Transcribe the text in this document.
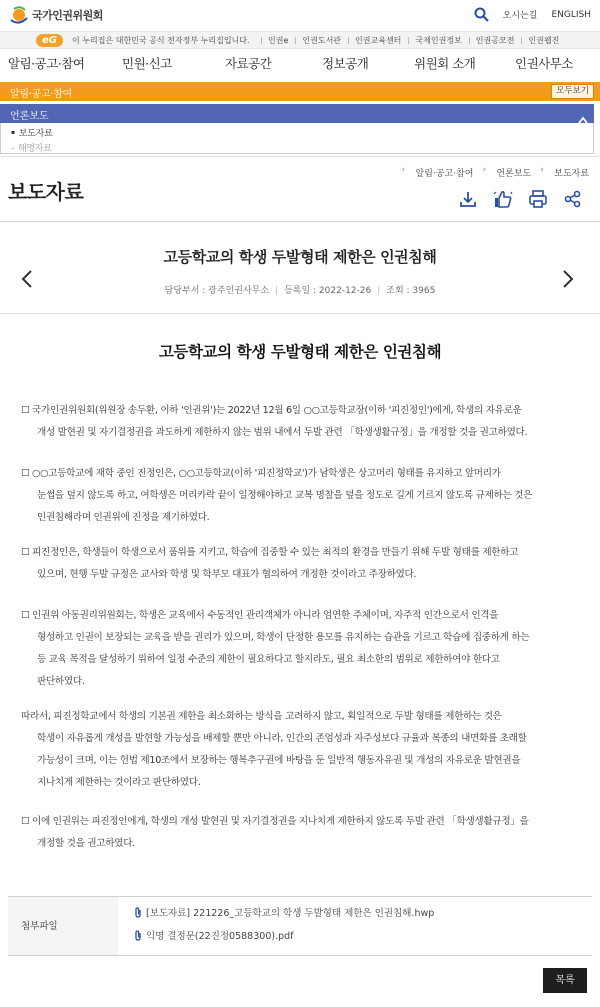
국가인권위원회	오시는길 ENGLISH
eG	이 누리집은 대한민국 공식 전자정부 누리집입니다. 인권e 인권도서관 인권교육센터 국제인권정보 인권공모전 인권웹진
알림·공고·참여	민원·신고	자료공간	정보공개	위원회 소개	인권사무소
알림·공고·참여	모두보기
언론보도
▪ 보도자료
- 해명자료
› 알림·공고·참여	› 언론보도	› 보도자료
보도자료
고등학교의 학생 두발형태 제한은 인권침해
담당부서 : 광주인권사무소 | 등록일 : 2022-12-26 | 조회 : 3965
고등학교의 학생 두발형태 제한은 인권침해
☐ 국가인권위원회(위원장 송두환, 이하 '인권위')는 2022년 12월 6일 ○○고등학교장(이하 '피진정인')에게, 학생의 자유로운
개성 발현권 및 자기결정권을 과도하게 제한하지 않는 범위 내에서 두발 관련 「학생생활규정」을 개정할 것을 권고하였다.
☐ ○○고등학교에 재학 중인 진정인은, ○○고등학교(이하 '피진정학교')가 남학생은 상고머리 형태를 유지하고 앞머리가
눈썹을 덮지 않도록 하고, 여학생은 머리카락 끝이 일정해야하고 교복 명찰을 덮을 정도로 길게 기르지 않도록 규제하는 것은
인권침해라며 인권위에 진정을 제기하였다.
☐ 피진정인은, 학생들이 학생으로서 품위를 지키고, 학습에 집중할 수 있는 최적의 환경을 만들기 위해 두발 형태를 제한하고
있으며, 현행 두발 규정은 교사와 학생 및 학부모 대표가 협의하여 개정한 것이라고 주장하였다.
☐ 인권위 아동권리위원회는, 학생은 교육에서 수동적인 관리객체가 아니라 엄연한 주체이며, 자주적 인간으로서 인격을
형성하고 인권이 보장되는 교육을 받을 권리가 있으며, 학생이 단정한 용모를 유지하는 습관을 기르고 학습에 집중하게 하는
등 교육 목적을 달성하기 위하여 일정 수준의 제한이 필요하다고 할지라도, 필요 최소한의 범위로 제한하여야 한다고
판단하였다.
따라서, 피진정학교에서 학생의 기본권 제한을 최소화하는 방식을 고려하지 않고, 획일적으로 두발 형태를 제한하는 것은
학생이 자유롭게 개성을 발현할 가능성을 배제할 뿐만 아니라, 인간의 존엄성과 자주성보다 규율과 복종의 내면화를 초래할
가능성이 크며, 이는 헌법 제10조에서 보장하는 행복추구권에 바탕을 둔 일반적 행동자유권 및 개성의 자유로운 발현권을
지나치게 제한하는 것이라고 판단하였다.
☐ 이에 인권위는 피진정인에게, 학생의 개성 발현권 및 자기결정권을 지나치게 제한하지 않도록 두발 관련 「학생생활규정」을
개정할 것을 권고하였다.
첨부파일
[보도자료] 221226_고등학교의 학생 두발형태 제한은 인권침해.hwp
익명 결정문(22진정0588300).pdf
목록
